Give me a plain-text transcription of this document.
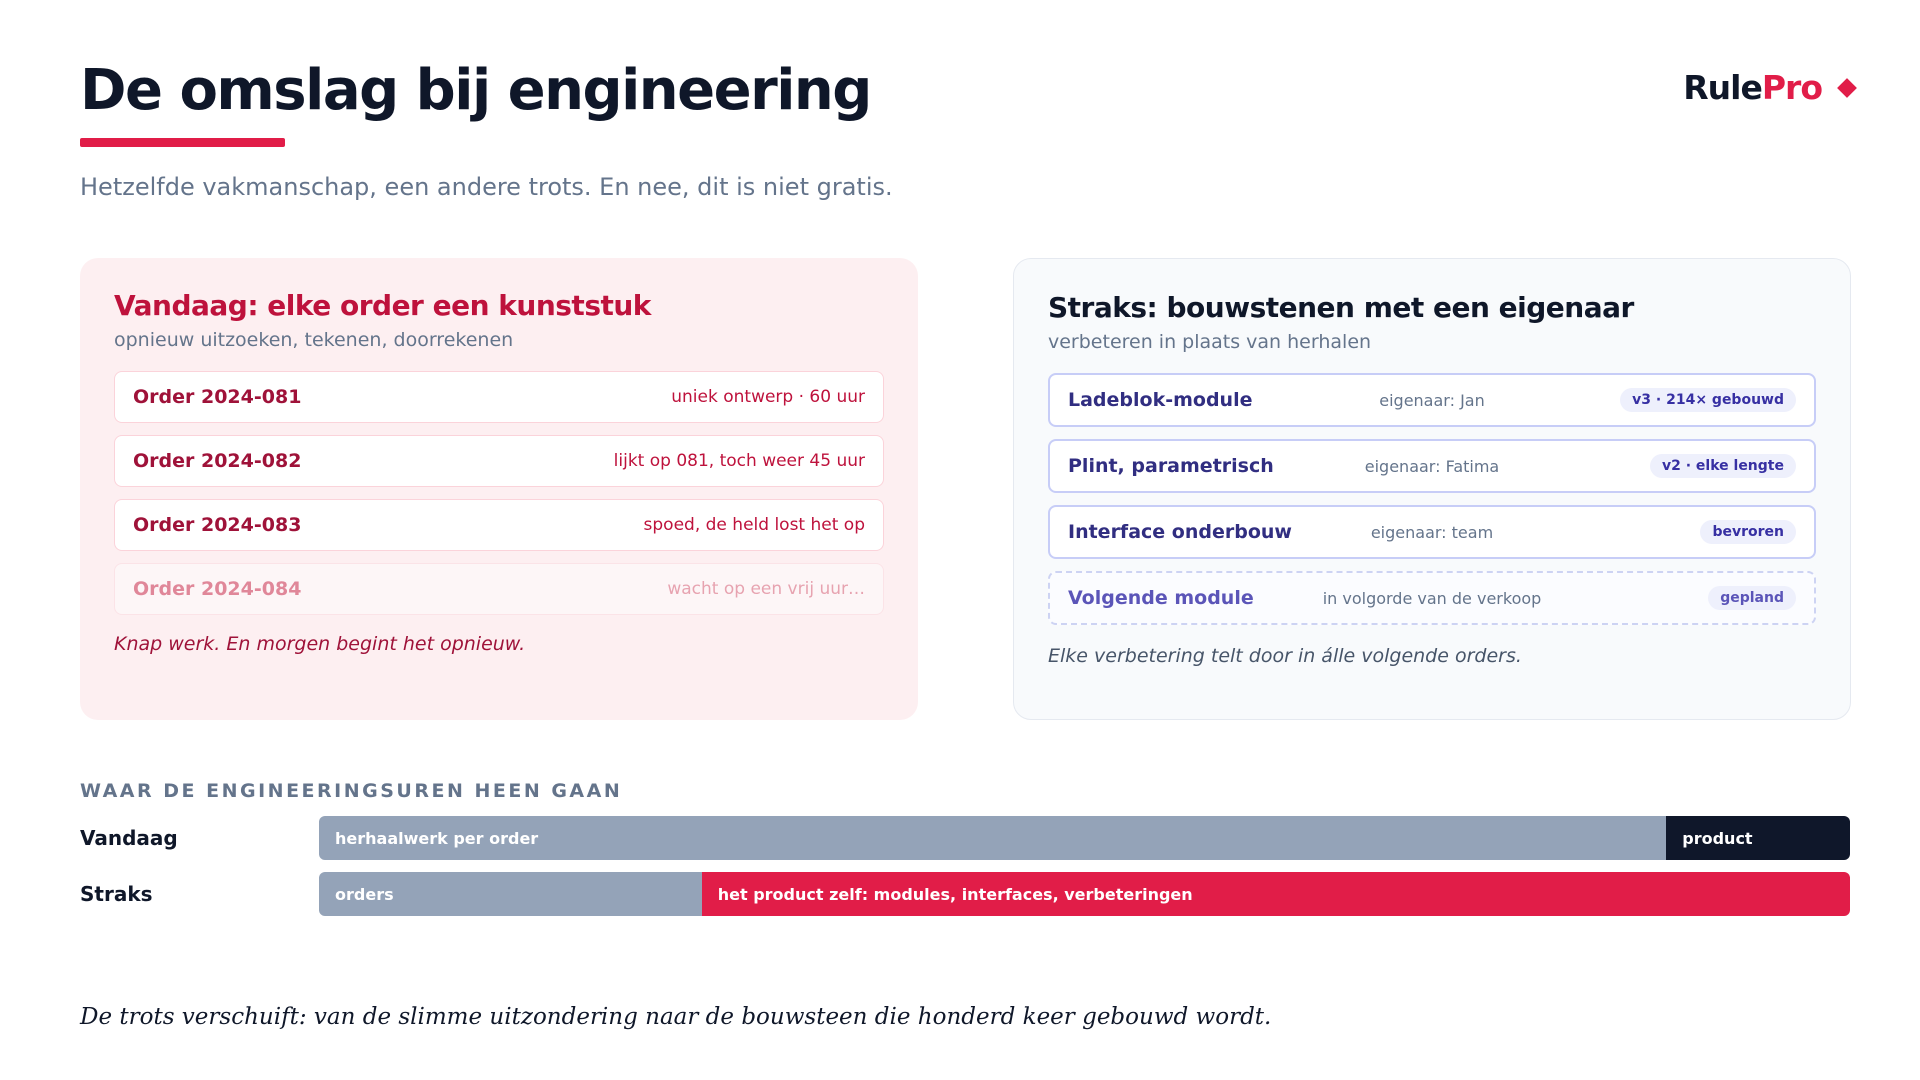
De omslag bij engineering
Hetzelfde vakmanschap, een andere trots. En nee, dit is niet gratis.
RulePro
Vandaag: elke order een kunststuk
opnieuw uitzoeken, tekenen, doorrekenen
Order 2024-081	uniek ontwerp · 60 uur
Order 2024-082	lijkt op 081, toch weer 45 uur
Order 2024-083	spoed, de held lost het op
Order 2024-084	wacht op een vrij uur…
Knap werk. En morgen begint het opnieuw.
Straks: bouwstenen met een eigenaar
verbeteren in plaats van herhalen
Ladeblok-module	eigenaar: Jan	v3 · 214× gebouwd
Plint, parametrisch	eigenaar: Fatima	v2 · elke lengte
Interface onderbouw	eigenaar: team	bevroren
Volgende module	in volgorde van de verkoop	gepland
Elke verbetering telt door in álle volgende orders.
WAAR DE ENGINEERINGSUREN HEEN GAAN
Vandaag	herhaalwerk per order	product
Straks	orders	het product zelf: modules, interfaces, verbeteringen
De trots verschuift: van de slimme uitzondering naar de bouwsteen die honderd keer gebouwd wordt.
